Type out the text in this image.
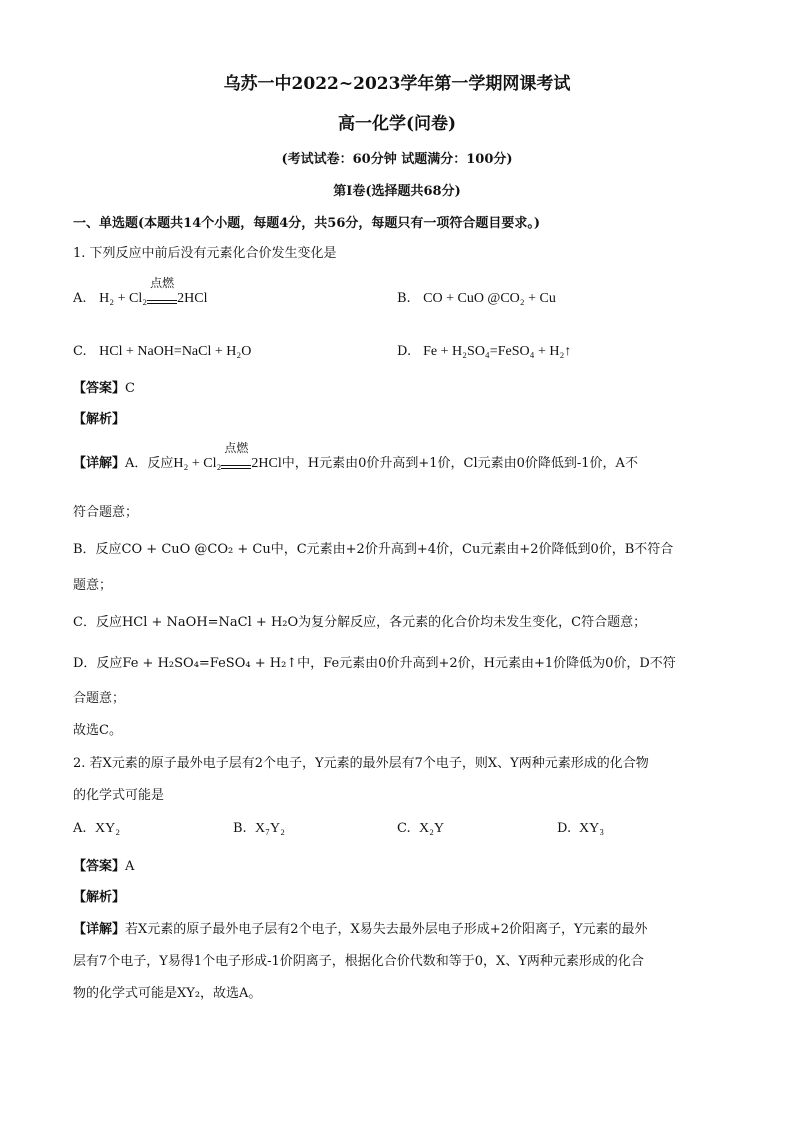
乌苏一中2022~2023学年第一学期网课考试
高一化学(问卷)
(考试试卷：60分钟 试题满分：100分)
第I卷(选择题共68分)
一、单选题(本题共14个小题，每题4分，共56分，每题只有一项符合题目要求。)
1. 下列反应中前后没有元素化合价发生变化是
A. H₂ + Cl₂
点燃
2HCl	B. CO + CuO @CO₂ + Cu
C. HCl + NaOH=NaCl + H₂O	D. Fe + H₂SO₄=FeSO₄ + H₂↑
【答案】C
【解析】
【详解】A．反应H₂ + Cl₂
点燃
2HCl中，H元素由0价升高到+1价，Cl元素由0价降低到-1价，A不
符合题意；
B．反应CO + CuO @CO₂ + Cu中，C元素由+2价升高到+4价，Cu元素由+2价降低到0价，B不符合
题意；
C．反应HCl + NaOH=NaCl + H₂O为复分解反应，各元素的化合价均未发生变化，C符合题意；
D．反应Fe + H₂SO₄=FeSO₄ + H₂↑中，Fe元素由0价升高到+2价，H元素由+1价降低为0价，D不符
合题意；
故选C。
2. 若X元素的原子最外电子层有2个电子，Y元素的最外层有7个电子，则X、Y两种元素形成的化合物
的化学式可能是
A. XY₂	B. X₇Y₂	C. X₂Y	D. XY₃
【答案】A
【解析】
【详解】若X元素的原子最外电子层有2个电子，X易失去最外层电子形成+2价阳离子，Y元素的最外
层有7个电子，Y易得1个电子形成-1价阴离子，根据化合价代数和等于0，X、Y两种元素形成的化合
物的化学式可能是XY₂，故选A。
